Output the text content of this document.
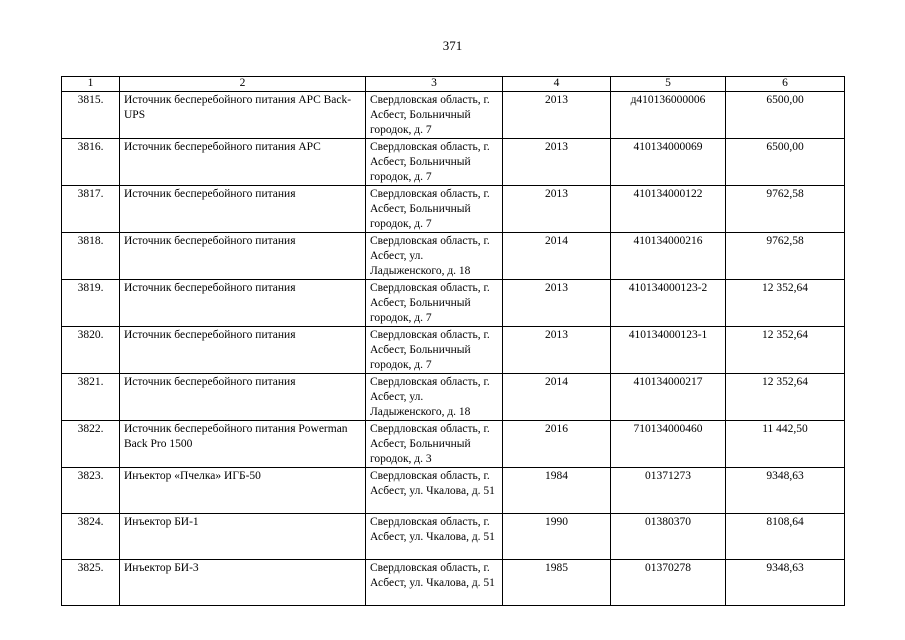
371
1	2	3	4	5	6
3815.	Источник бесперебойного питания APC Back-UPS	Свердловская область, г. Асбест, Больничный городок, д. 7	2013	д410136000006	6500,00
3816.	Источник бесперебойного питания APC	Свердловская область, г. Асбест, Больничный городок, д. 7	2013	410134000069	6500,00
3817.	Источник бесперебойного питания	Свердловская область, г. Асбест, Больничный городок, д. 7	2013	410134000122	9762,58
3818.	Источник бесперебойного питания	Свердловская область, г. Асбест, ул. Ладыженского, д. 18	2014	410134000216	9762,58
3819.	Источник бесперебойного питания	Свердловская область, г. Асбест, Больничный городок, д. 7	2013	410134000123-2	12 352,64
3820.	Источник бесперебойного питания	Свердловская область, г. Асбест, Больничный городок, д. 7	2013	410134000123-1	12 352,64
3821.	Источник бесперебойного питания	Свердловская область, г. Асбест, ул. Ладыженского, д. 18	2014	410134000217	12 352,64
3822.	Источник бесперебойного питания Powerman Back Pro 1500	Свердловская область, г. Асбест, Больничный городок, д. 3	2016	710134000460	11 442,50
3823.	Инъектор «Пчелка» ИГБ-50	Свердловская область, г. Асбест, ул. Чкалова, д. 51	1984	01371273	9348,63
3824.	Инъектор БИ-1	Свердловская область, г. Асбест, ул. Чкалова, д. 51	1990	01380370	8108,64
3825.	Инъектор БИ-3	Свердловская область, г. Асбест, ул. Чкалова, д. 51	1985	01370278	9348,63
